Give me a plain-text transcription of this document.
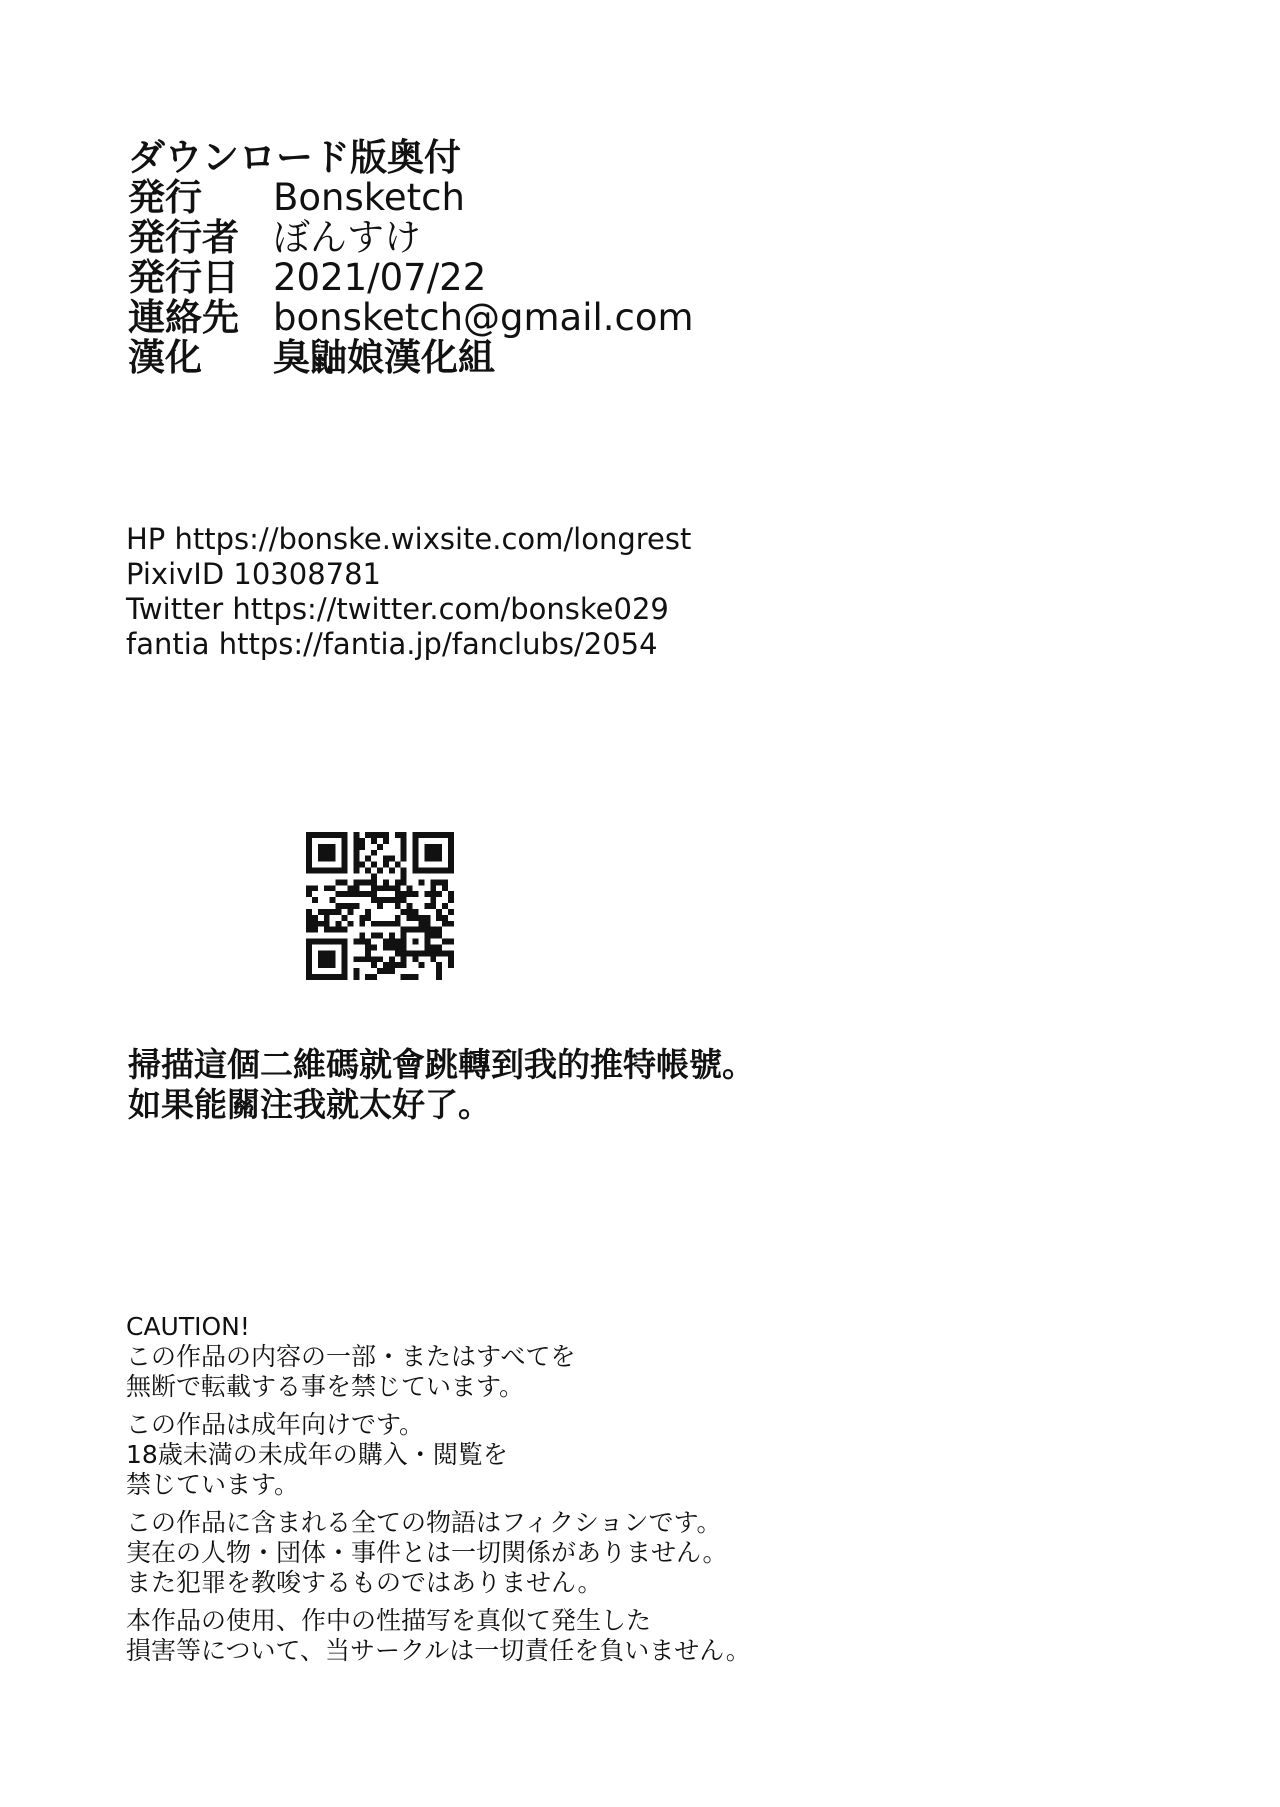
ダウンロード版奥付
発行	Bonsketch
発行者 ぼんすけ
発行日 2021/07/22
連絡先 bonsketch@gmail.com
漢化	臭鼬娘漢化組
HP https://bonske.wixsite.com/longrest
PixivID 10308781
Twitter https://twitter.com/bonske029
fantia https://fantia.jp/fanclubs/2054
掃描這個二維碼就會跳轉到我的推特帳號。
如果能關注我就太好了。
CAUTION!
この作品の内容の一部・またはすべてを
無断で転載する事を禁じています。
この作品は成年向けです。
18歳未満の未成年の購入・閲覧を
禁じています。
この作品に含まれる全ての物語はフィクションです。
実在の人物・団体・事件とは一切関係がありません。
また犯罪を教唆するものではありません。
本作品の使用、作中の性描写を真似て発生した
損害等について、当サークルは一切責任を負いません。
